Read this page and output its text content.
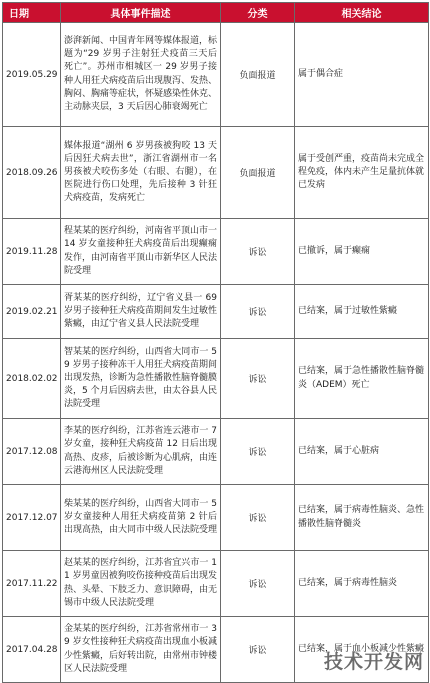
日期	具体事件描述	分类	相关结论
2019.05.29	澎湃新闻、中国青年网等媒体报道，标题为“29 岁男子注射狂犬疫苗三天后死亡”。苏州市相城区一 29 岁男子接种人用狂犬病疫苗后出现腹泻、发热、胸闷、胸痛等症状，怀疑感染性休克、主动脉夹层，3 天后因心肺衰竭死亡	负面报道	属于偶合症
2018.09.26	媒体报道“湖州 6 岁男孩被狗咬 13 天后因狂犬病去世”，浙江省湖州市一名男孩被犬咬伤多处（右眼、右腿），在医院进行伤口处理，先后接种 3 针狂犬病疫苗，发病死亡	负面报道	属于受创严重，疫苗尚未完成全程免疫，体内未产生足量抗体就已发病
2019.11.28	程某某的医疗纠纷，河南省平顶山市一 14 岁女童接种狂犬病疫苗后出现癫痫发作，由河南省平顶山市新华区人民法院受理	诉讼	已撤诉，属于癫痫
2019.02.21	胥某某的医疗纠纷，辽宁省义县一 69 岁男子接种狂犬病疫苗期间发生过敏性紫癜，由辽宁省义县人民法院受理	诉讼	已结案，属于过敏性紫癜
2018.02.02	智某某的医疗纠纷，山西省大同市一 59 岁男子接种冻干人用狂犬病疫苗期间出现发热，诊断为急性播散性脑脊髓膜炎，5 个月后因病去世，由太谷县人民法院受理	诉讼	已结案，属于急性播散性脑脊髓炎（ADEM）死亡
2017.12.08	李某的医疗纠纷，江苏省连云港市一 7 岁女童，接种狂犬病疫苗 12 日后出现高热、皮疹，后被诊断为心肌病，由连云港海州区人民法院受理	诉讼	已结案，属于心脏病
2017.12.07	柴某某的医疗纠纷，山西省大同市一 5 岁女童接种人用狂犬病疫苗第 2 针后出现高热，由大同市中级人民法院受理	诉讼	已结案，属于病毒性脑炎、急性播散性脑脊髓炎
2017.11.22	赵某某的医疗纠纷，江苏省宜兴市一 11 岁男童因被狗咬伤接种疫苗后出现发热、头晕、下肢乏力、意识障碍，由无锡市中级人民法院受理	诉讼	已结案，属于病毒性脑炎
2017.04.28	金某某的医疗纠纷，江苏省常州市一 39 岁女性接种狂犬病疫苗出现血小板减少性紫癜，后好转出院，由常州市钟楼区人民法院受理	诉讼	已结案，属于血小板减少性紫癜
技术开发网
